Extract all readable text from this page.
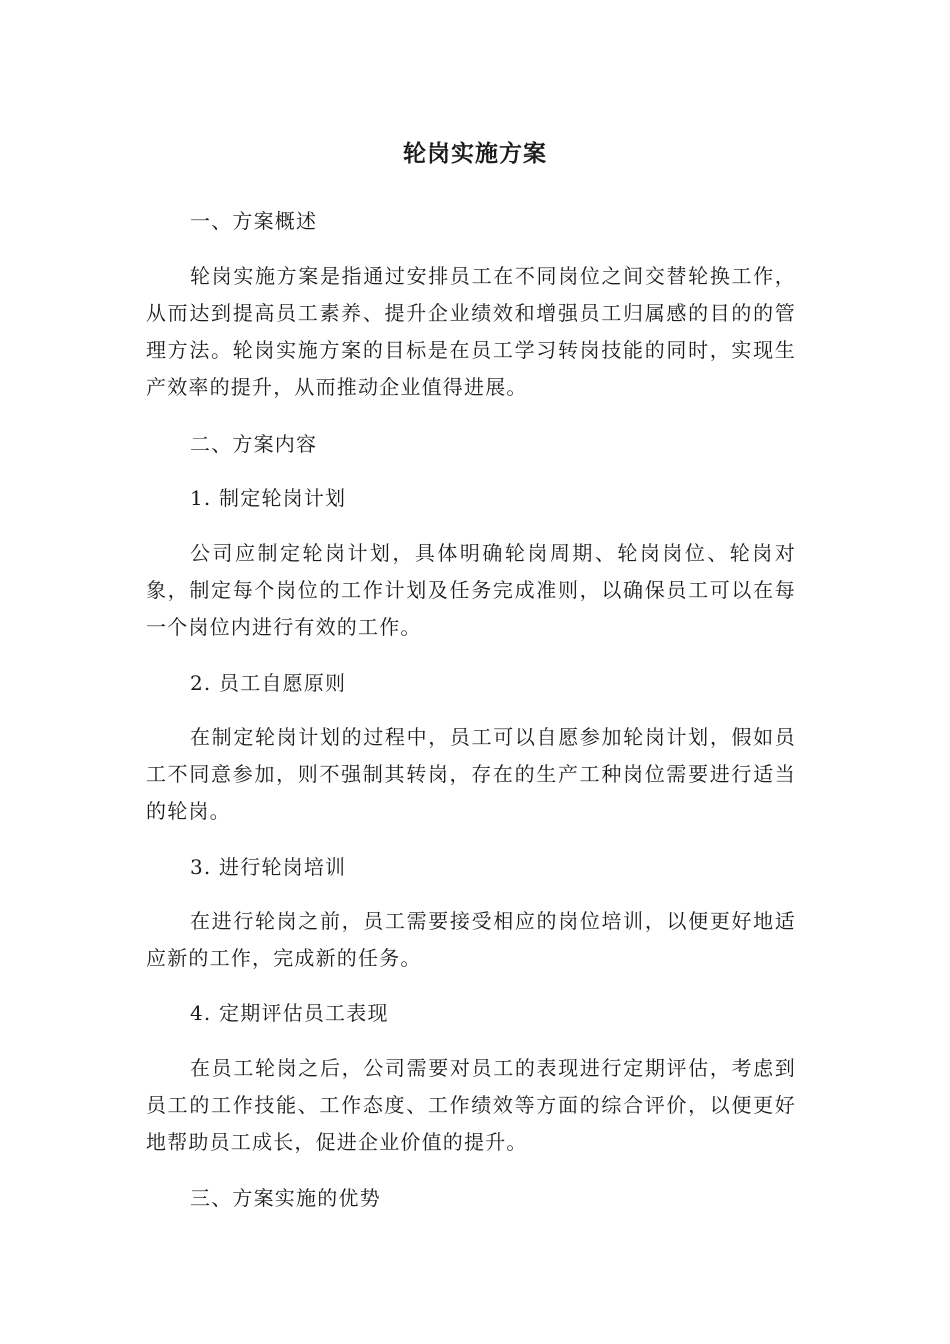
轮岗实施方案
一、方案概述
轮岗实施方案是指通过安排员工在不同岗位之间交替轮换工作，从而达到提高员工素养、提升企业绩效和增强员工归属感的目的的管理方法。轮岗实施方案的目标是在员工学习转岗技能的同时，实现生产效率的提升，从而推动企业值得进展。
二、方案内容
1. 制定轮岗计划
公司应制定轮岗计划，具体明确轮岗周期、轮岗岗位、轮岗对象，制定每个岗位的工作计划及任务完成准则，以确保员工可以在每一个岗位内进行有效的工作。
2. 员工自愿原则
在制定轮岗计划的过程中，员工可以自愿参加轮岗计划，假如员工不同意参加，则不强制其转岗，存在的生产工种岗位需要进行适当的轮岗。
3. 进行轮岗培训
在进行轮岗之前，员工需要接受相应的岗位培训，以便更好地适应新的工作，完成新的任务。
4. 定期评估员工表现
在员工轮岗之后，公司需要对员工的表现进行定期评估，考虑到员工的工作技能、工作态度、工作绩效等方面的综合评价，以便更好地帮助员工成长，促进企业价值的提升。
三、方案实施的优势
